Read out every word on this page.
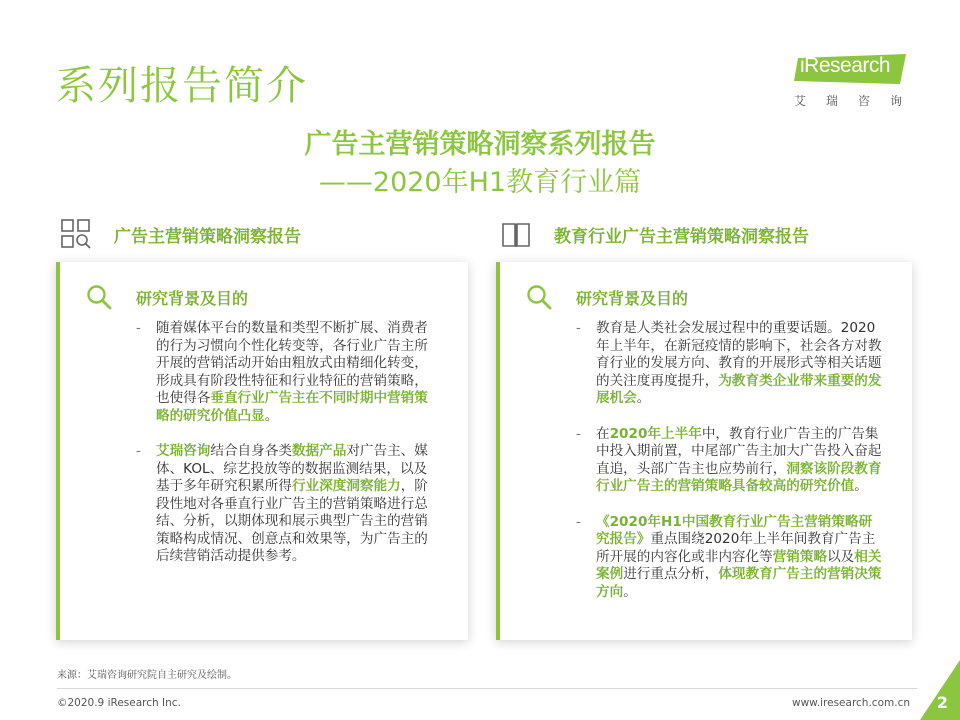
系列报告简介	iResearch
艾瑞咨询
广告主营销策略洞察系列报告
——2020年H1教育行业篇
广告主营销策略洞察报告	教育行业广告主营销策略洞察报告
研究背景及目的
- 随着媒体平台的数量和类型不断扩展、消费者的行为习惯向个性化转变等，各行业广告主所开展的营销活动开始由粗放式由精细化转变，形成具有阶段性特征和行业特征的营销策略，也使得各垂直行业广告主在不同时期中营销策略的研究价值凸显。
- 艾瑞咨询结合自身各类数据产品对广告主、媒体、KOL、综艺投放等的数据监测结果，以及基于多年研究积累所得行业深度洞察能力，阶段性地对各垂直行业广告主的营销策略进行总结、分析，以期体现和展示典型广告主的营销策略构成情况、创意点和效果等，为广告主的后续营销活动提供参考。
研究背景及目的
- 教育是人类社会发展过程中的重要话题。2020年上半年，在新冠疫情的影响下，社会各方对教育行业的发展方向、教育的开展形式等相关话题的关注度再度提升，为教育类企业带来重要的发展机会。
- 在2020年上半年中，教育行业广告主的广告集中投入期前置，中尾部广告主加大广告投入奋起直追，头部广告主也应势前行，洞察该阶段教育行业广告主的营销策略具备较高的研究价值。
- 《2020年H1中国教育行业广告主营销策略研究报告》重点围绕2020年上半年间教育广告主所开展的内容化或非内容化等营销策略以及相关案例进行重点分析，体现教育广告主的营销决策方向。
来源：艾瑞咨询研究院自主研究及绘制。
©2020.9 iResearch Inc.	www.iresearch.com.cn 2
